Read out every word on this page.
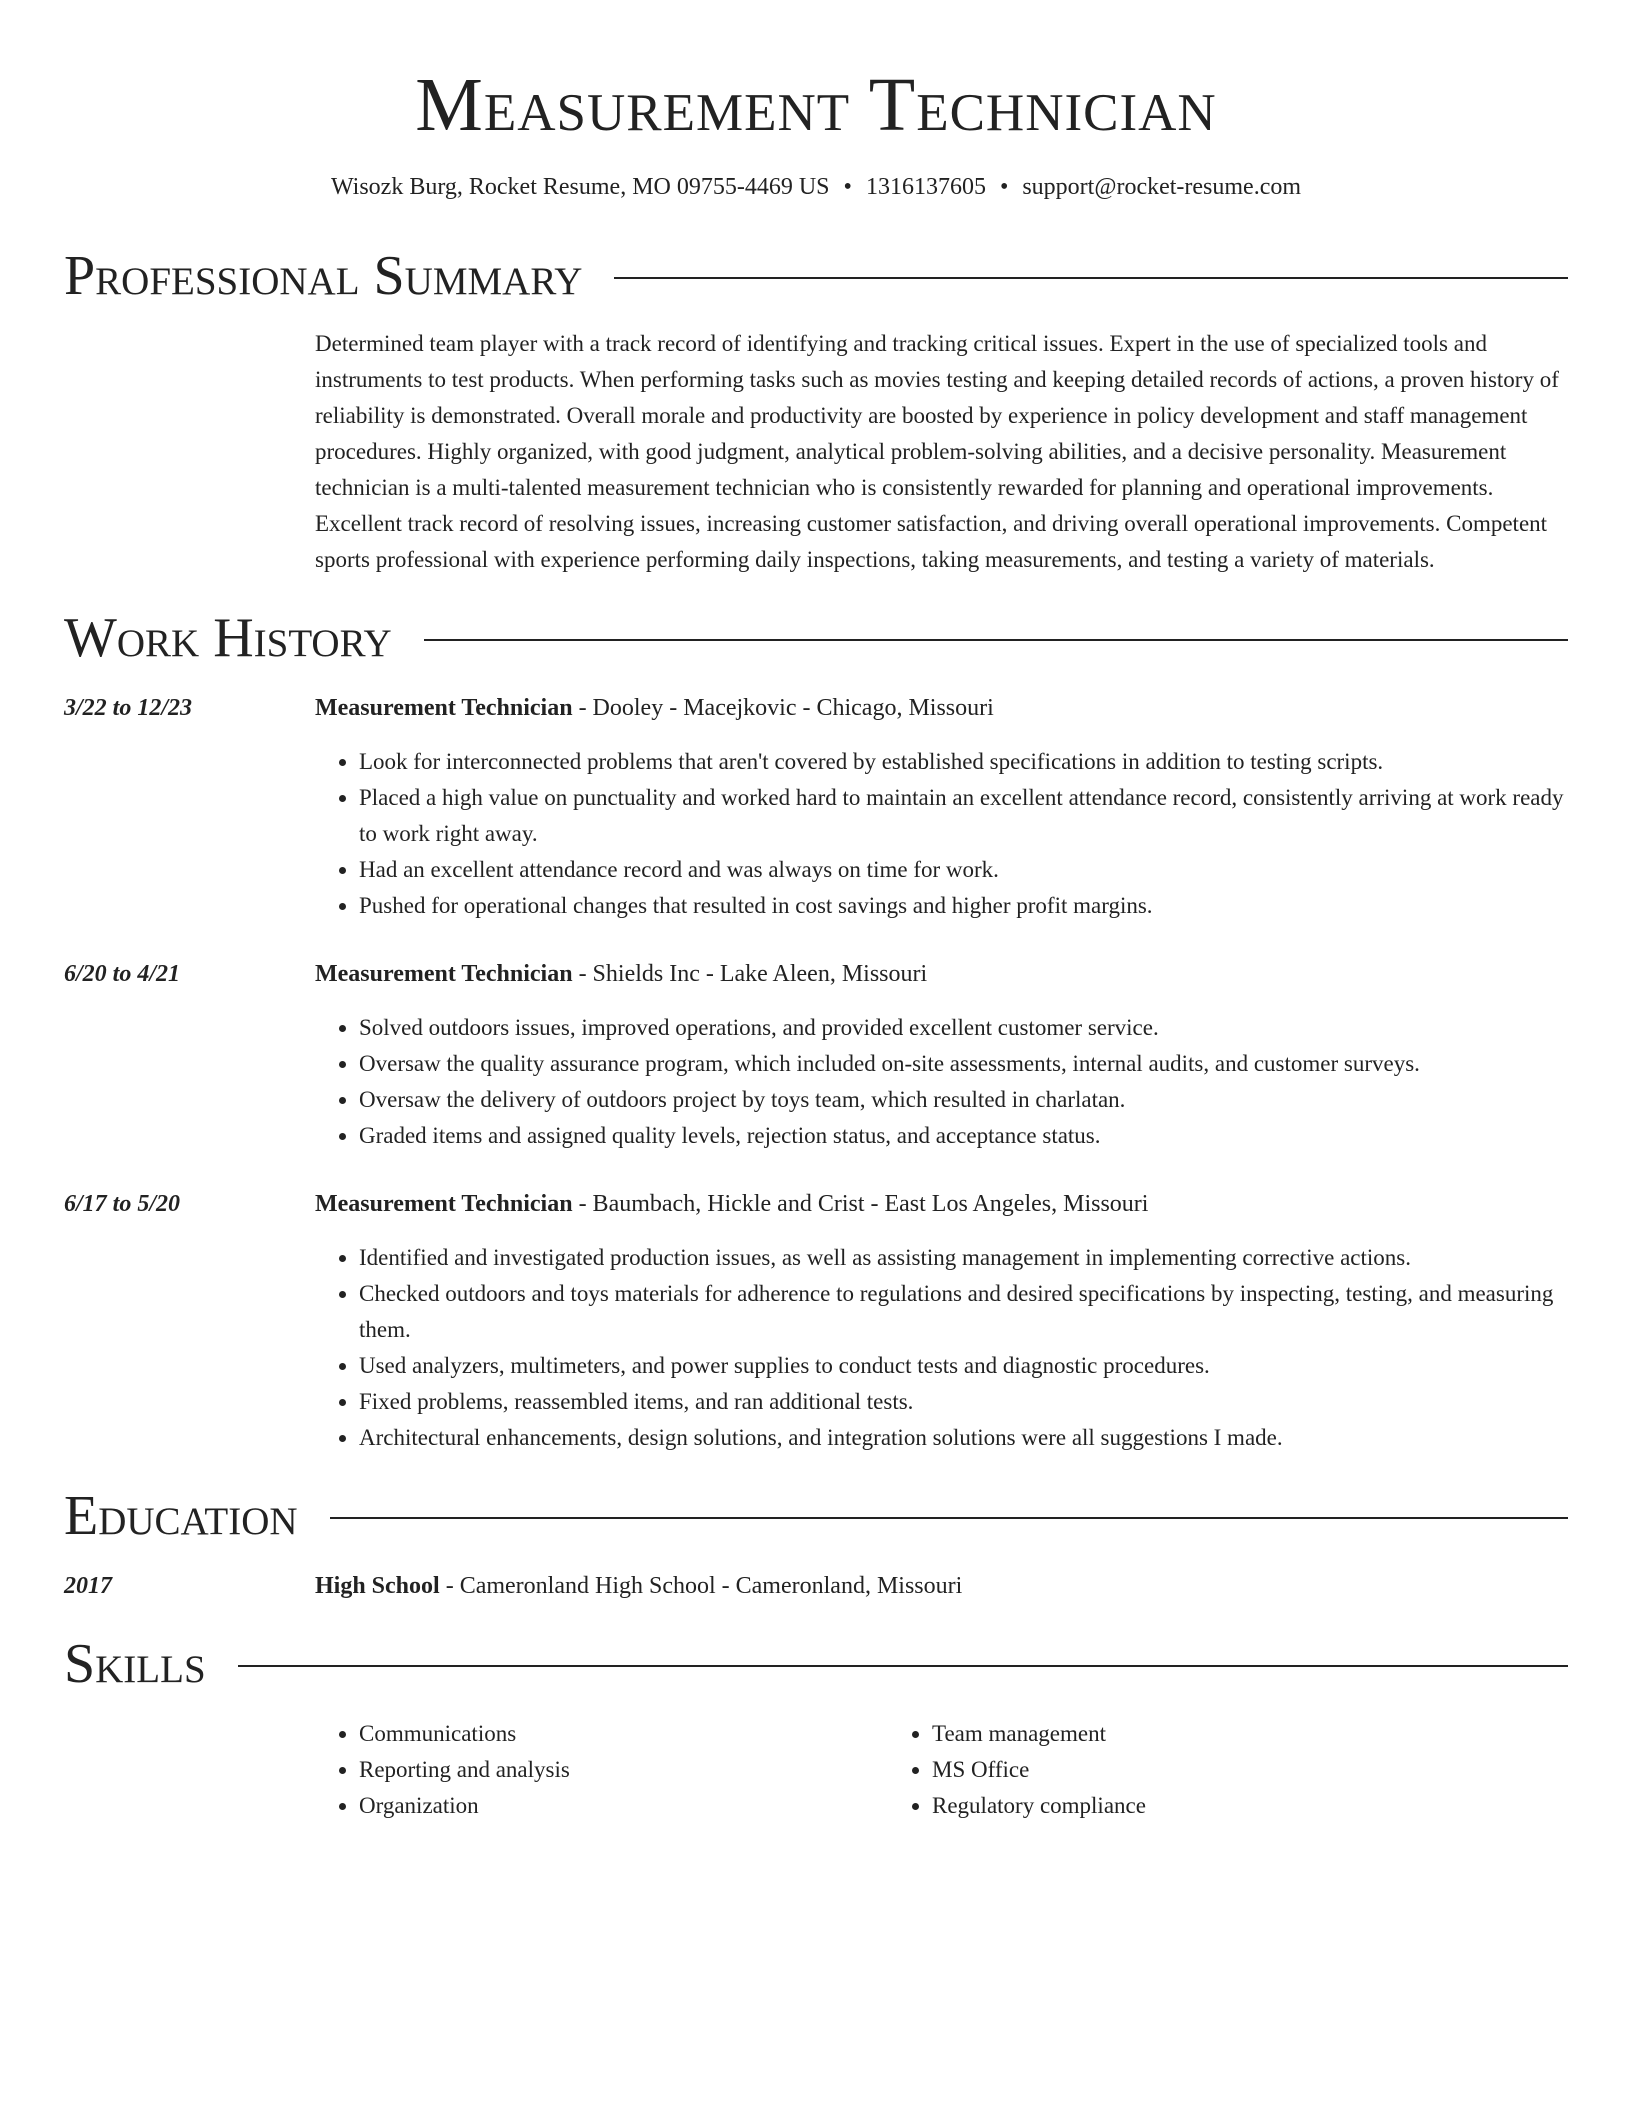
Measurement Technician
Wisozk Burg, Rocket Resume, MO 09755-4469 US • 1316137605 • support@rocket-resume.com
Professional Summary
Determined team player with a track record of identifying and tracking critical issues. Expert in the use of specialized tools and instruments to test products. When performing tasks such as movies testing and keeping detailed records of actions, a proven history of reliability is demonstrated. Overall morale and productivity are boosted by experience in policy development and staff management procedures. Highly organized, with good judgment, analytical problem-solving abilities, and a decisive personality. Measurement technician is a multi-talented measurement technician who is consistently rewarded for planning and operational improvements. Excellent track record of resolving issues, increasing customer satisfaction, and driving overall operational improvements. Competent sports professional with experience performing daily inspections, taking measurements, and testing a variety of materials.
Work History
3/22 to 12/23	Measurement Technician - Dooley - Macejkovic - Chicago, Missouri
• Look for interconnected problems that aren't covered by established specifications in addition to testing scripts.
• Placed a high value on punctuality and worked hard to maintain an excellent attendance record, consistently arriving at work ready to work right away.
• Had an excellent attendance record and was always on time for work.
• Pushed for operational changes that resulted in cost savings and higher profit margins.
6/20 to 4/21	Measurement Technician - Shields Inc - Lake Aleen, Missouri
• Solved outdoors issues, improved operations, and provided excellent customer service.
• Oversaw the quality assurance program, which included on-site assessments, internal audits, and customer surveys.
• Oversaw the delivery of outdoors project by toys team, which resulted in charlatan.
• Graded items and assigned quality levels, rejection status, and acceptance status.
6/17 to 5/20	Measurement Technician - Baumbach, Hickle and Crist - East Los Angeles, Missouri
• Identified and investigated production issues, as well as assisting management in implementing corrective actions.
• Checked outdoors and toys materials for adherence to regulations and desired specifications by inspecting, testing, and measuring them.
• Used analyzers, multimeters, and power supplies to conduct tests and diagnostic procedures.
• Fixed problems, reassembled items, and ran additional tests.
• Architectural enhancements, design solutions, and integration solutions were all suggestions I made.
Education
2017	High School - Cameronland High School - Cameronland, Missouri
Skills
• Communications
• Reporting and analysis
• Organization
• Team management
• MS Office
• Regulatory compliance
